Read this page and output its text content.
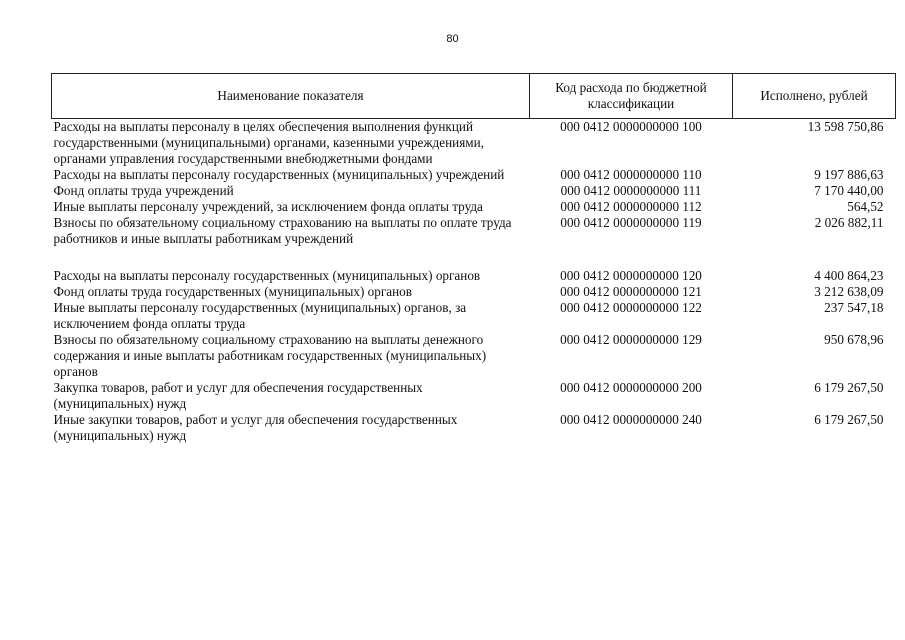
80
Наименование показателя	Код расхода по бюджетной классификации	Исполнено, рублей
Расходы на выплаты персоналу в целях обеспечения выполнения функций государственными (муниципальными) органами, казенными учреждениями, органами управления государственными внебюджетными фондами	000 0412 0000000000 100	13 598 750,86
Расходы на выплаты персоналу государственных (муниципальных) учреждений	000 0412 0000000000 110	9 197 886,63
Фонд оплаты труда учреждений	000 0412 0000000000 111	7 170 440,00
Иные выплаты персоналу учреждений, за исключением фонда оплаты труда	000 0412 0000000000 112	564,52
Взносы по обязательному социальному страхованию на выплаты по оплате труда работников и иные выплаты работникам учреждений	000 0412 0000000000 119	2 026 882,11

Расходы на выплаты персоналу государственных (муниципальных) органов	000 0412 0000000000 120	4 400 864,23
Фонд оплаты труда государственных (муниципальных) органов	000 0412 0000000000 121	3 212 638,09
Иные выплаты персоналу государственных (муниципальных) органов, за исключением фонда оплаты труда	000 0412 0000000000 122	237 547,18
Взносы по обязательному социальному страхованию на выплаты денежного содержания и иные выплаты работникам государственных (муниципальных) органов	000 0412 0000000000 129	950 678,96
Закупка товаров, работ и услуг для обеспечения государственных (муниципальных) нужд	000 0412 0000000000 200	6 179 267,50
Иные закупки товаров, работ и услуг для обеспечения государственных (муниципальных) нужд	000 0412 0000000000 240	6 179 267,50
